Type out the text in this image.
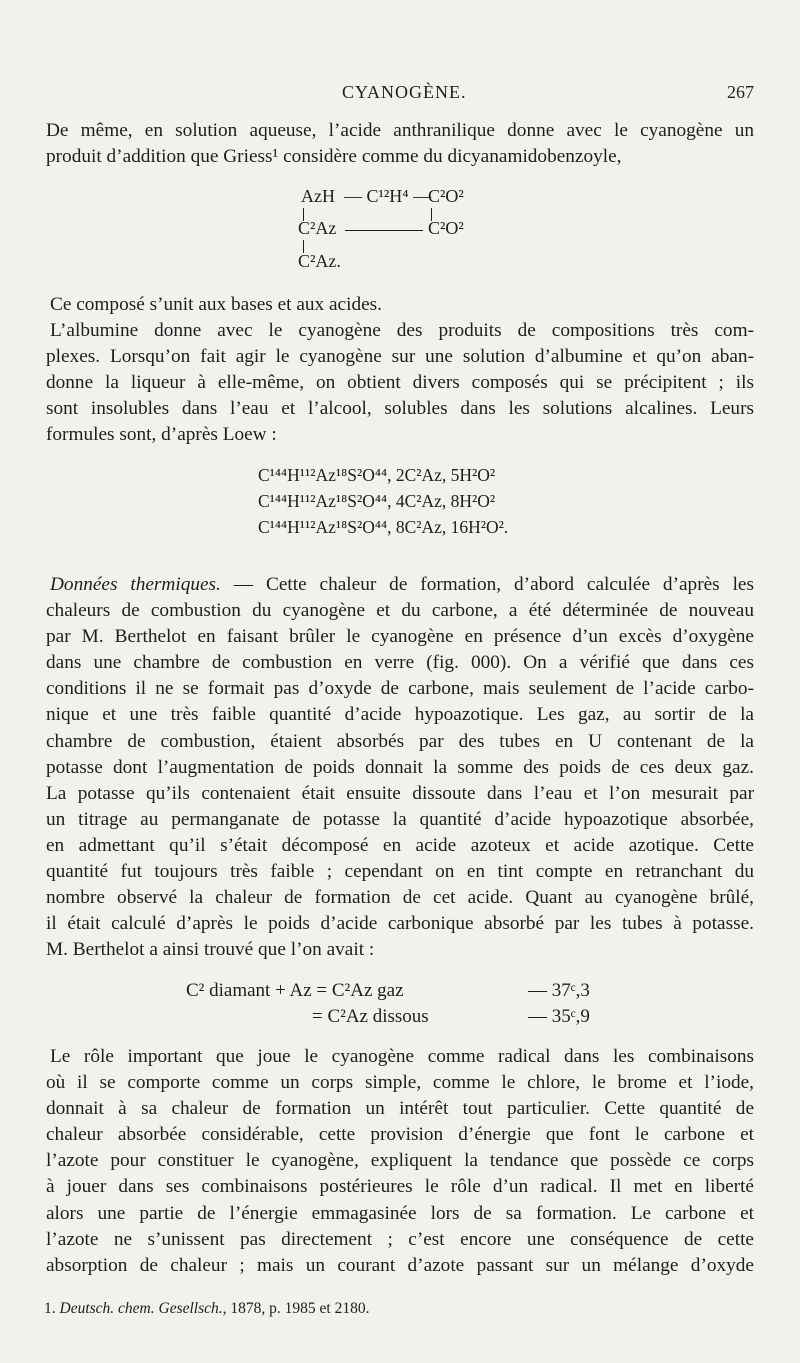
CYANOGÈNE.	267
De même, en solution aqueuse, l’acide anthranilique donne avec le cyanogène un
produit d’addition que Griess¹ considère comme du dicyanamidobenzoyle,
AzH — C¹²H⁴ —
C²O²
C²Az	C²O²
C²Az.
Ce composé s’unit aux bases et aux acides.
L’albumine donne avec le cyanogène des produits de compositions très com-
plexes. Lorsqu’on fait agir le cyanogène sur une solution d’albumine et qu’on aban-
donne la liqueur à elle-même, on obtient divers composés qui se précipitent ; ils
sont insolubles dans l’eau et l’alcool, solubles dans les solutions alcalines. Leurs
formules sont, d’après Loew :
C¹⁴⁴H¹¹²Az¹⁸S²O⁴⁴, 2C²Az, 5H²O²
C¹⁴⁴H¹¹²Az¹⁸S²O⁴⁴, 4C²Az, 8H²O²
C¹⁴⁴H¹¹²Az¹⁸S²O⁴⁴, 8C²Az, 16H²O².
Données thermiques. — Cette chaleur de formation, d’abord calculée d’après les
chaleurs de combustion du cyanogène et du carbone, a été déterminée de nouveau
par M. Berthelot en faisant brûler le cyanogène en présence d’un excès d’oxygène
dans une chambre de combustion en verre (fig. 000). On a vérifié que dans ces
conditions il ne se formait pas d’oxyde de carbone, mais seulement de l’acide carbo-
nique et une très faible quantité d’acide hypoazotique. Les gaz, au sortir de la
chambre de combustion, étaient absorbés par des tubes en U contenant de la
potasse dont l’augmentation de poids donnait la somme des poids de ces deux gaz.
La potasse qu’ils contenaient était ensuite dissoute dans l’eau et l’on mesurait par
un titrage au permanganate de potasse la quantité d’acide hypoazotique absorbée,
en admettant qu’il s’était décomposé en acide azoteux et acide azotique. Cette
quantité fut toujours très faible ; cependant on en tint compte en retranchant du
nombre observé la chaleur de formation de cet acide. Quant au cyanogène brûlé,
il était calculé d’après le poids d’acide carbonique absorbé par les tubes à potasse.
M. Berthelot a ainsi trouvé que l’on avait :
C² diamant + Az = C²Az gaz	— 37ᶜ,3
= C²Az dissous	— 35ᶜ,9
Le rôle important que joue le cyanogène comme radical dans les combinaisons
où il se comporte comme un corps simple, comme le chlore, le brome et l’iode,
donnait à sa chaleur de formation un intérêt tout particulier. Cette quantité de
chaleur absorbée considérable, cette provision d’énergie que font le carbone et
l’azote pour constituer le cyanogène, expliquent la tendance que possède ce corps
à jouer dans ses combinaisons postérieures le rôle d’un radical. Il met en liberté
alors une partie de l’énergie emmagasinée lors de sa formation. Le carbone et
l’azote ne s’unissent pas directement ; c’est encore une conséquence de cette
absorption de chaleur ; mais un courant d’azote passant sur un mélange d’oxyde
1. Deutsch. chem. Gesellsch., 1878, p. 1985 et 2180.
